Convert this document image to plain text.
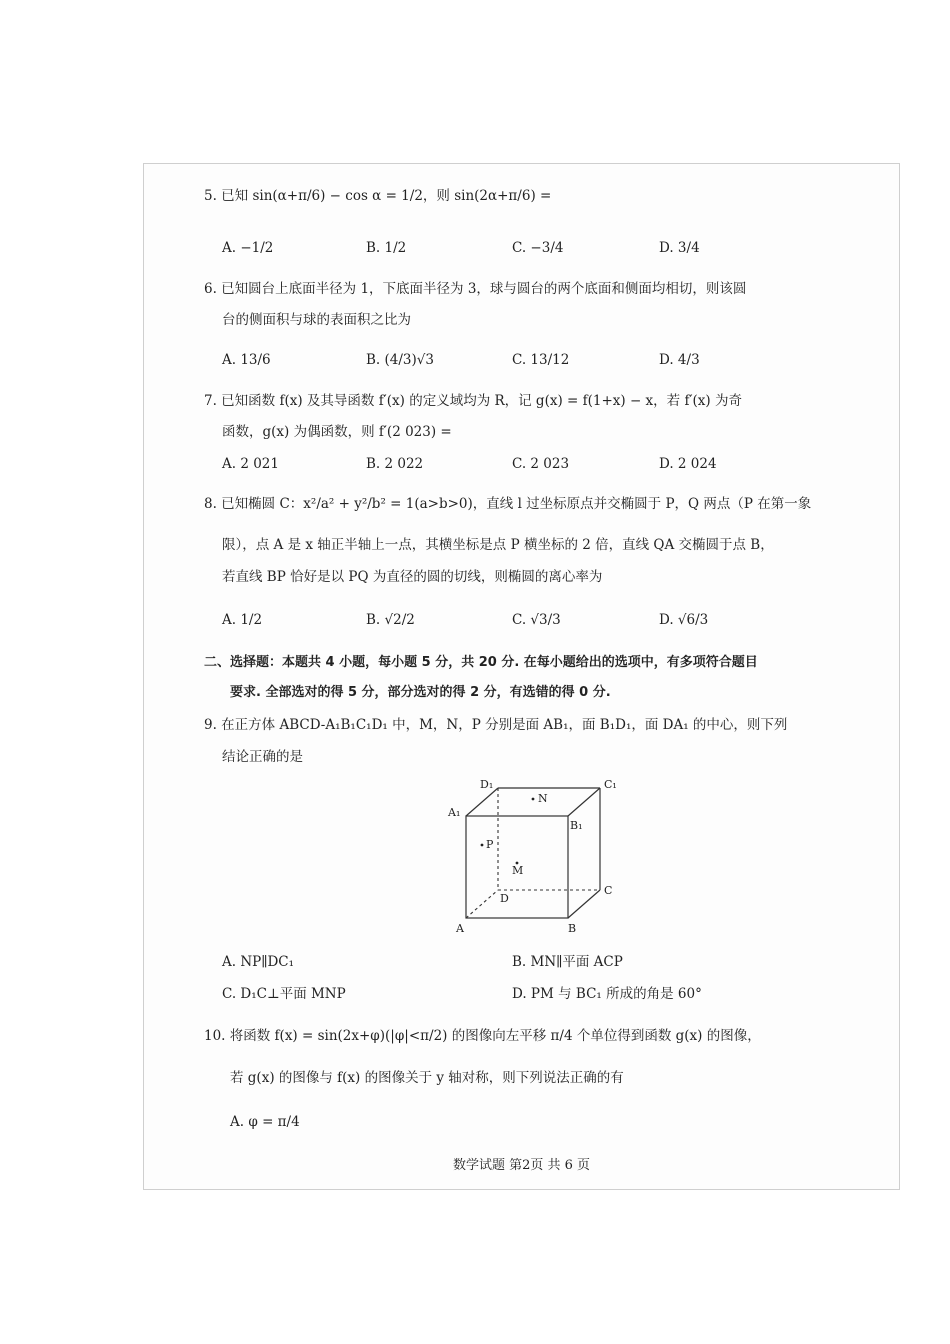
5. 已知 sin(α+π/6) − cos α = 1/2，则 sin(2α+π/6) =
A. −1/2	B. 1/2	C. −3/4	D. 3/4
6. 已知圆台上底面半径为 1，下底面半径为 3，球与圆台的两个底面和侧面均相切，则该圆
台的侧面积与球的表面积之比为
A. 13/6	B. (4/3)√3	C. 13/12	D. 4/3
7. 已知函数 f(x) 及其导函数 f′(x) 的定义域均为 R，记 g(x) = f(1+x) − x，若 f′(x) 为奇
函数，g(x) 为偶函数，则 f′(2 023) =
A. 2 021	B. 2 022	C. 2 023	D. 2 024
8. 已知椭圆 C：x²/a² + y²/b² = 1(a>b>0)，直线 l 过坐标原点并交椭圆于 P，Q 两点（P 在第一象
限），点 A 是 x 轴正半轴上一点，其横坐标是点 P 横坐标的 2 倍，直线 QA 交椭圆于点 B，
若直线 BP 恰好是以 PQ 为直径的圆的切线，则椭圆的离心率为
A. 1/2	B. √2/2	C. √3/3	D. √6/3
二、选择题：本题共 4 小题，每小题 5 分，共 20 分. 在每小题给出的选项中，有多项符合题目
要求. 全部选对的得 5 分，部分选对的得 2 分，有选错的得 0 分.
9. 在正方体 ABCD-A₁B₁C₁D₁ 中，M，N，P 分别是面 AB₁，面 B₁D₁，面 DA₁ 的中心，则下列
结论正确的是
D₁	C₁
A₁
B₁
A	B
C
D
N
P
M
A. NP∥DC₁	B. MN∥平面 ACP
C. D₁C⊥平面 MNP	D. PM 与 BC₁ 所成的角是 60°
10. 将函数 f(x) = sin(2x+φ)(|φ|<π/2) 的图像向左平移 π/4 个单位得到函数 g(x) 的图像，
若 g(x) 的图像与 f(x) 的图像关于 y 轴对称，则下列说法正确的有
A. φ = π/4
数学试题 第2页 共 6 页
